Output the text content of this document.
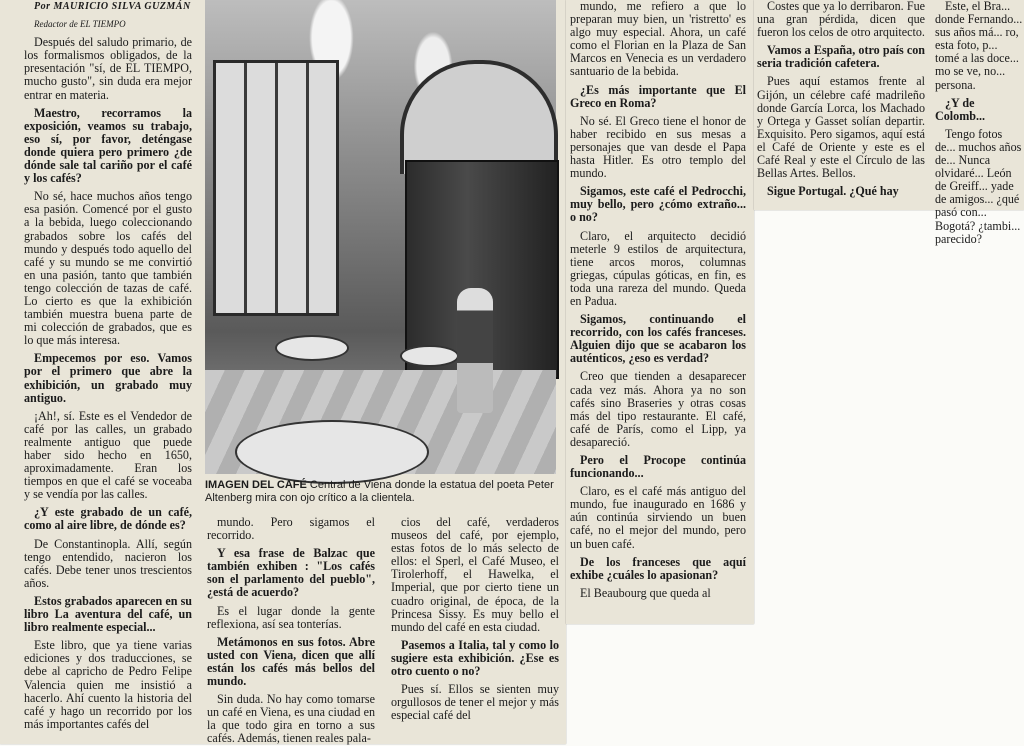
Por MAURICIO SILVA GUZMÁN

Redactor de EL TIEMPO

Después del saludo primario, de los formalismos obligados, de la presentación "sí, de EL TIEMPO, mucho gusto", sin duda era mejor entrar en materia.

Maestro, recorramos la exposición, veamos su trabajo, eso sí, por favor, deténgase donde quiera pero primero ¿de dónde sale tal cariño por el café y los cafés?

No sé, hace muchos años tengo esa pasión. Comencé por el gusto a la bebida, luego coleccionando grabados sobre los cafés del mundo y después todo aquello del café y su mundo se me convirtió en una pasión, tanto que también tengo colección de tazas de café. Lo cierto es que la exhibición también muestra buena parte de mi colección de grabados, que es lo que más interesa.

Empecemos por eso. Vamos por el primero que abre la exhibición, un grabado muy antiguo.

¡Ah!, sí. Este es el Vendedor de café por las calles, un grabado realmente antiguo que puede haber sido hecho en 1650, aproximadamente. Eran los tiempos en que el café se voceaba y se vendía por las calles.

¿Y este grabado de un café, como al aire libre, de dónde es?

De Constantinopla. Allí, según tengo entendido, nacieron los cafés. Debe tener unos trescientos años.

Estos grabados aparecen en su libro La aventura del café, un libro realmente especial...

Este libro, que ya tiene varias ediciones y dos traducciones, se debe al capricho de Pedro Felipe Valencia quien me insistió a hacerlo. Ahí cuento la historia del café y hago un recorrido por los más importantes cafés del

IMAGEN DEL CAFÉ Central de Viena donde la estatua del poeta Peter Altenberg mira con ojo crítico a la clientela.

mundo. Pero sigamos el recorrido.

Y esa frase de Balzac que también exhiben : "Los cafés son el parlamento del pueblo", ¿está de acuerdo?

Es el lugar donde la gente reflexiona, así sea tonterías.

Metámonos en sus fotos. Abre usted con Viena, dicen que allí están los cafés más bellos del mundo.

Sin duda. No hay como tomarse un café en Viena, es una ciudad en la que todo gira en torno a sus cafés. Además, tienen reales pala-

cios del café, verdaderos museos del café, por ejemplo, estas fotos de lo más selecto de ellos: el Sperl, el Café Museo, el Tirolerhoff, el Hawelka, el Imperial, que por cierto tiene un cuadro original, de época, de la Princesa Sissy. Es muy bello el mundo del café en esta ciudad.

Pasemos a Italia, tal y como lo sugiere esta exhibición. ¿Ese es otro cuento o no?

Pues sí. Ellos se sienten muy orgullosos de tener el mejor y más especial café del

mundo, me refiero a que lo preparan muy bien, un 'ristretto' es algo muy especial. Ahora, un café como el Florian en la Plaza de San Marcos en Venecia es un verdadero santuario de la bebida.

¿Es más importante que El Greco en Roma?

No sé. El Greco tiene el honor de haber recibido en sus mesas a personajes que van desde el Papa hasta Hitler. Es otro templo del mundo.

Sigamos, este café el Pedrocchi, muy bello, pero ¿cómo extraño... o no?

Claro, el arquitecto decidió meterle 9 estilos de arquitectura, tiene arcos moros, columnas griegas, cúpulas góticas, en fin, es toda una rareza del mundo. Queda en Padua.

Sigamos, continuando el recorrido, con los cafés franceses. Alguien dijo que se acabaron los auténticos, ¿eso es verdad?

Creo que tienden a desaparecer cada vez más. Ahora ya no son cafés sino Braseries y otras cosas más del tipo restaurante. El café, café de París, como el Lipp, ya desapareció.

Pero el Procope continúa funcionando...

Claro, es el café más antiguo del mundo, fue inaugurado en 1686 y aún continúa sirviendo un buen café, no el mejor del mundo, pero un buen café.

De los franceses que aquí exhibe ¿cuáles lo apasionan?

El Beaubourg que queda al

Costes que ya lo derribaron. Fue una gran pérdida, dicen que fueron los celos de otro arquitecto.

Vamos a España, otro país con seria tradición cafetera.

Pues aquí estamos frente al Gijón, un célebre café madrileño donde García Lorca, los Machado y Ortega y Gasset solían departir. Exquisito. Pero sigamos, aquí está el Café de Oriente y este es el Café Real y este el Círculo de las Bellas Artes. Bellos.

Sigue Portugal. ¿Qué hay

Este, el Bra... donde Fernando... sus años má... ro, esta foto, p... tomé a las doce... mo se ve, no... persona.

¿Y de Colomb...

Tengo fotos de... muchos años de... Nunca olvidaré... León de Greiff... yade de amigos... ¿qué pasó con... Bogotá? ¿tambi... parecido?
